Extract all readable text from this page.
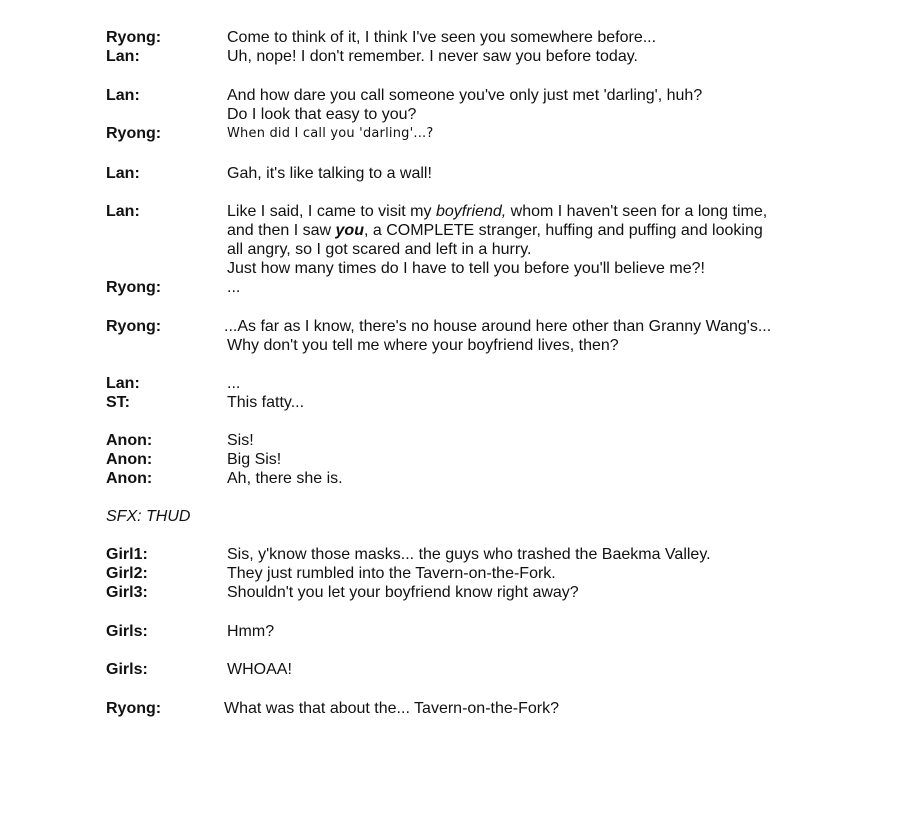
Ryong:	Come to think of it, I think I've seen you somewhere before...
Lan:	Uh, nope! I don't remember. I never saw you before today.
Lan:	And how dare you call someone you've only just met 'darling', huh?
Do I look that easy to you?
Ryong:	When did I call you 'darling'...?
Lan:	Gah, it's like talking to a wall!
Lan:	Like I said, I came to visit my boyfriend, whom I haven't seen for a long time,
and then I saw you, a COMPLETE stranger, huffing and puffing and looking
all angry, so I got scared and left in a hurry.
Just how many times do I have to tell you before you'll believe me?!
Ryong:	...
Ryong:	...As far as I know, there's no house around here other than Granny Wang's...
Why don't you tell me where your boyfriend lives, then?
Lan:	...
ST:	This fatty...
Anon:	Sis!
Anon:	Big Sis!
Anon:	Ah, there she is.
SFX: THUD
Girl1:	Sis, y'know those masks... the guys who trashed the Baekma Valley.
Girl2:	They just rumbled into the Tavern-on-the-Fork.
Girl3:	Shouldn't you let your boyfriend know right away?
Girls:	Hmm?
Girls:	WHOAA!
Ryong:	What was that about the... Tavern-on-the-Fork?
